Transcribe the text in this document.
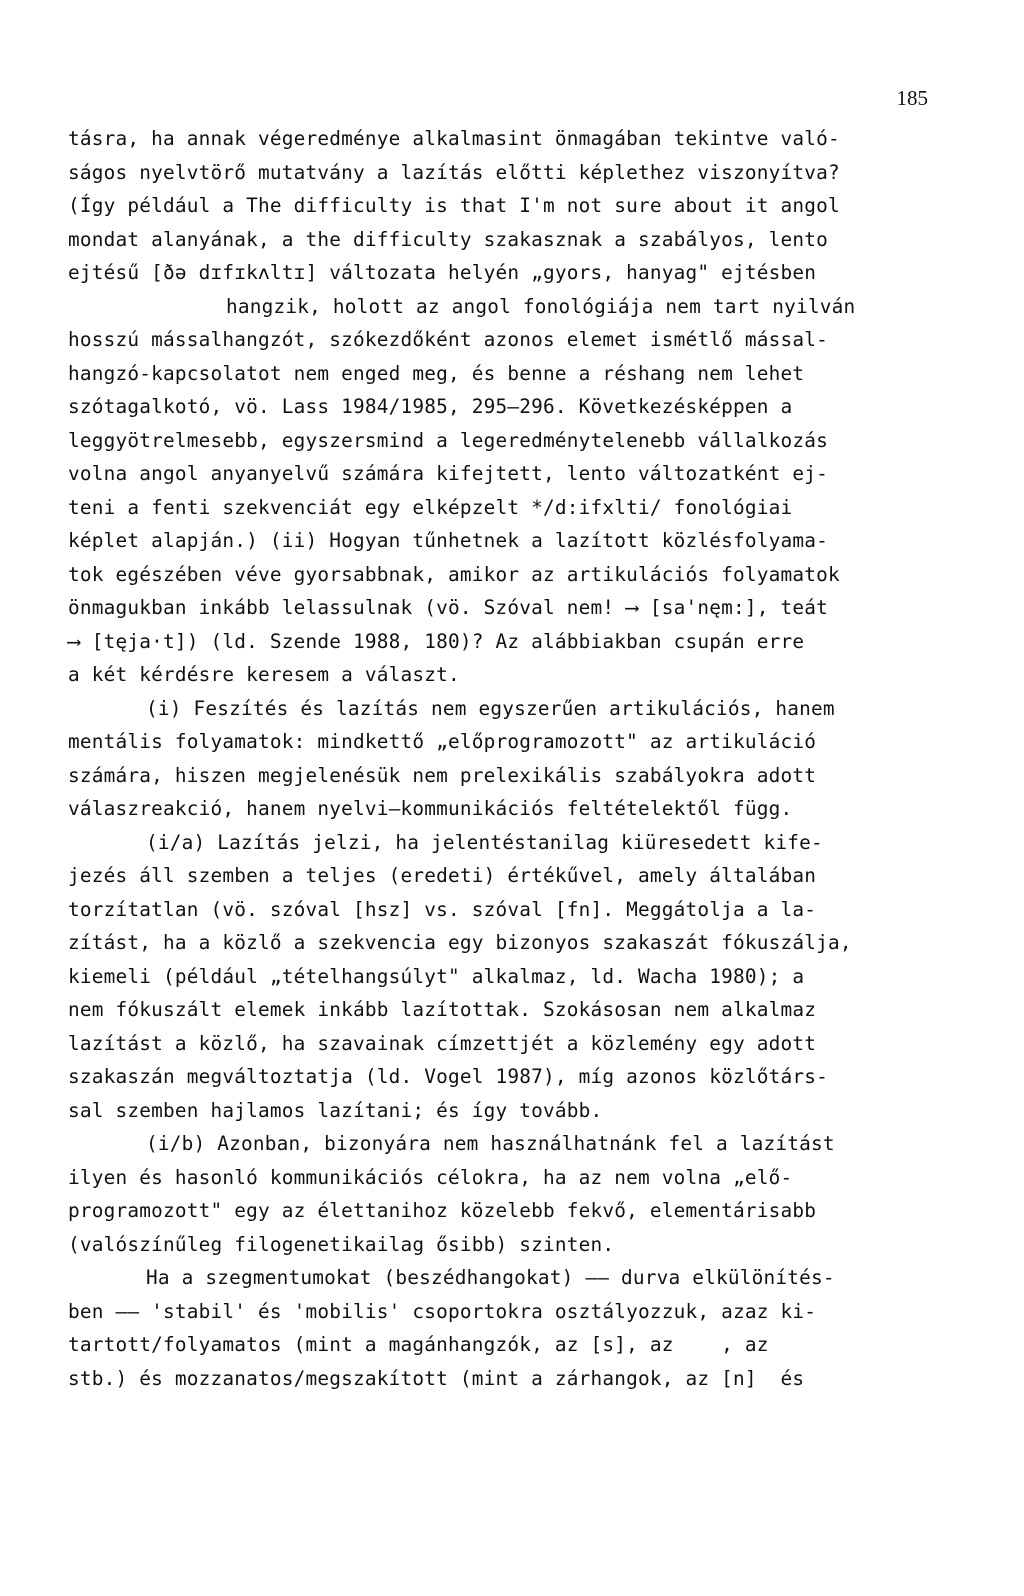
185
tásra, ha annak végeredménye alkalmasint önmagában tekintve való-
ságos nyelvtörő mutatvány a lazítás előtti képlethez viszonyítva?
(Így például a The difficulty is that I'm not sure about it angol
mondat alanyának, a the difficulty szakasznak a szabályos, lento
ejtésű [ðə dɪfɪkʌltɪ] változata helyén „gyors, hanyag" ejtésben
hangzik, holott az angol fonológiája nem tart nyilván
hosszú mássalhangzót, szókezdőként azonos elemet ismétlő mással-
hangzó-kapcsolatot nem enged meg, és benne a réshang nem lehet
szótagalkotó, vö. Lass 1984/1985, 295—296. Következésképpen a
leggyötrelmesebb, egyszersmind a legeredménytelenebb vállalkozás
volna angol anyanyelvű számára kifejtett, lento változatként ej-
teni a fenti szekvenciát egy elképzelt */d:ifxlti/ fonológiai
képlet alapján.) (ii) Hogyan tűnhetnek a lazított közlésfolyama-
tok egészében véve gyorsabbnak, amikor az artikulációs folyamatok
önmagukban inkább lelassulnak (vö. Szóval nem! ⟶ [sa'nęm:], teát
⟶ [tęja·t]) (ld. Szende 1988, 180)? Az alábbiakban csupán erre
a két kérdésre keresem a választ.
(i) Feszítés és lazítás nem egyszerűen artikulációs, hanem
mentális folyamatok: mindkettő „előprogramozott" az artikuláció
számára, hiszen megjelenésük nem prelexikális szabályokra adott
válaszreakció, hanem nyelvi—kommunikációs feltételektől függ.
(i/a) Lazítás jelzi, ha jelentéstanilag kiüresedett kife-
jezés áll szemben a teljes (eredeti) értékűvel, amely általában
torzítatlan (vö. szóval [hsz] vs. szóval [fn]. Meggátolja a la-
zítást, ha a közlő a szekvencia egy bizonyos szakaszát fókuszálja,
kiemeli (például „tételhangsúlyt" alkalmaz, ld. Wacha 1980); a
nem fókuszált elemek inkább lazítottak. Szokásosan nem alkalmaz
lazítást a közlő, ha szavainak címzettjét a közlemény egy adott
szakaszán megváltoztatja (ld. Vogel 1987), míg azonos közlőtárs-
sal szemben hajlamos lazítani; és így tovább.
(i/b) Azonban, bizonyára nem használhatnánk fel a lazítást
ilyen és hasonló kommunikációs célokra, ha az nem volna „elő-
programozott" egy az élettanihoz közelebb fekvő, elementárisabb
(valószínűleg filogenetikailag ősibb) szinten.
Ha a szegmentumokat (beszédhangokat) —— durva elkülönítés-
ben —— 'stabil' és 'mobilis' csoportokra osztályozzuk, azaz ki-
tartott/folyamatos (mint a magánhangzók, az [s], az    , az
stb.) és mozzanatos/megszakított (mint a zárhangok, az [n]  és
